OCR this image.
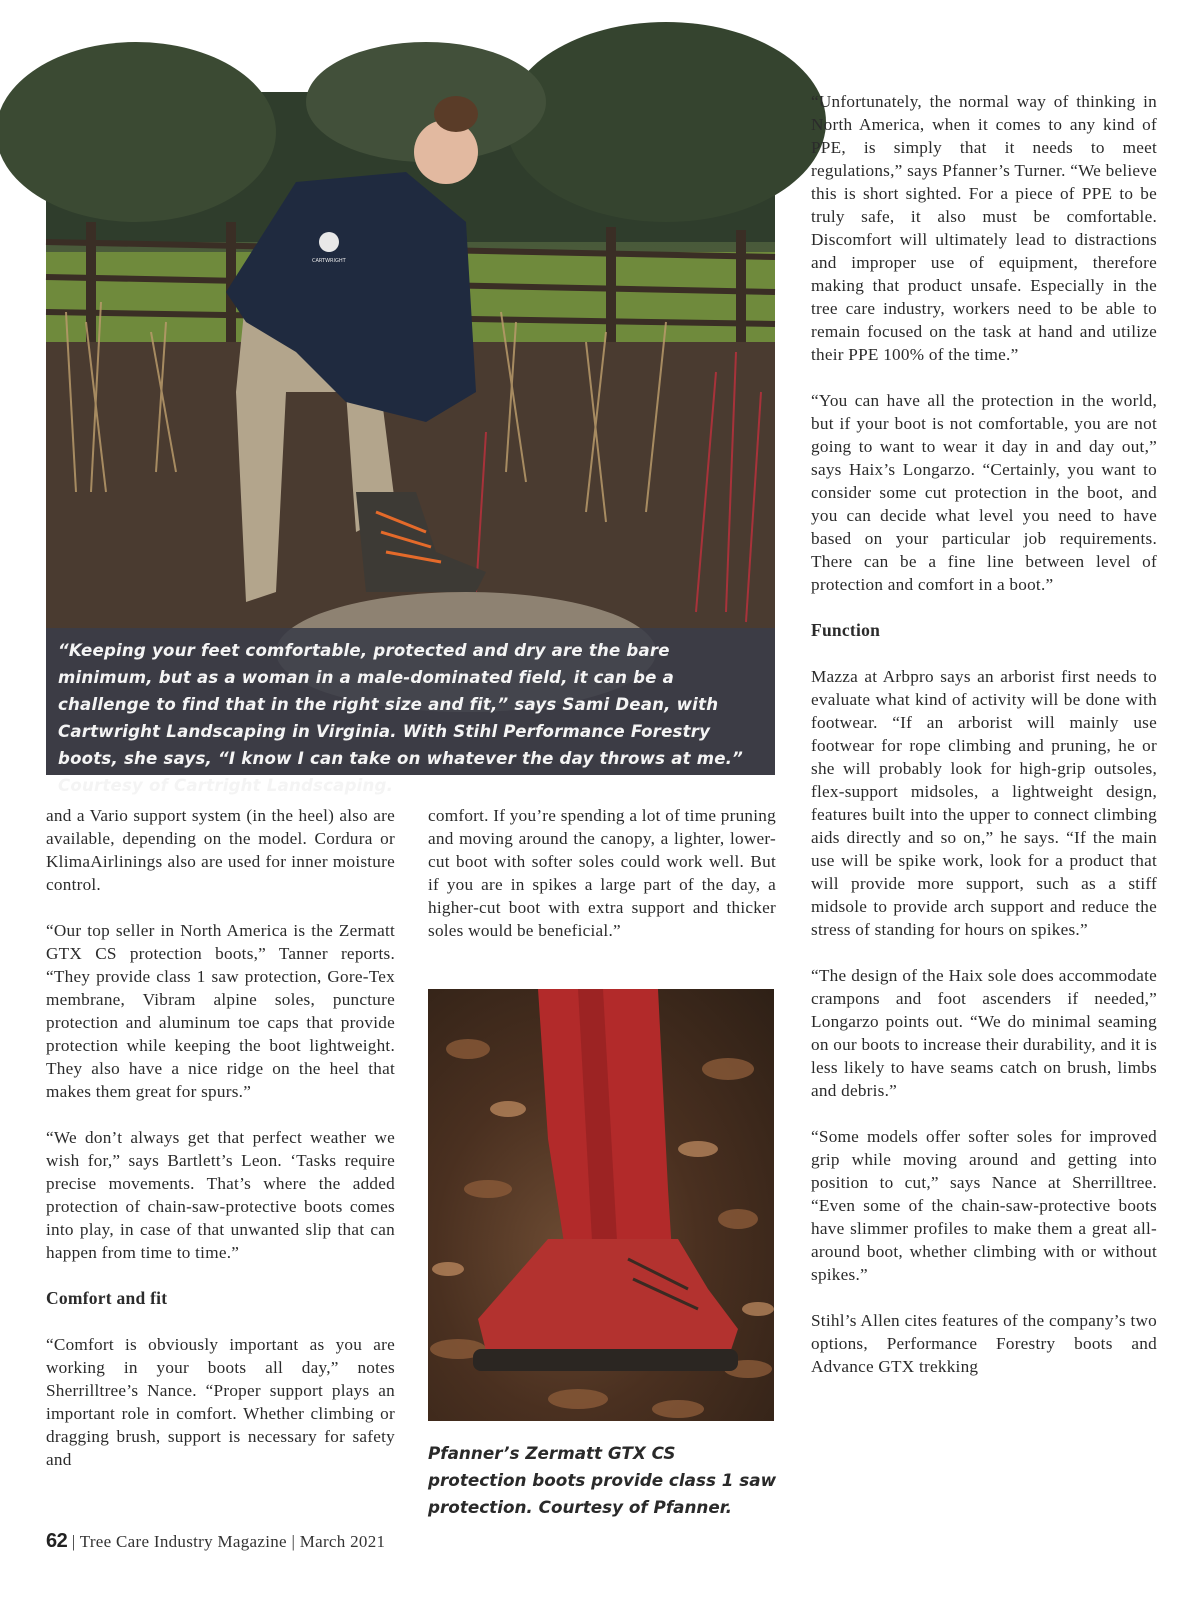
CARTWRIGHT

“Keeping your feet comfortable, protected and dry are the bare minimum, but as a woman in a male-dominated field, it can be a challenge to find that in the right size and fit,” says Sami Dean, with Cartwright Landscaping in Virginia. With Stihl Performance Forestry boots, she says, “I know I can take on whatever the day throws at me.” Courtesy of Cartright Landscaping.

and a Vario support system (in the heel) also are available, depending on the model. Cordura or KlimaAirlinings also are used for inner moisture control.

“Our top seller in North America is the Zermatt GTX CS protection boots,” Tanner reports. “They provide class 1 saw protection, Gore-Tex membrane, Vibram alpine soles, puncture protection and aluminum toe caps that provide protection while keeping the boot lightweight. They also have a nice ridge on the heel that makes them great for spurs.”

“We don’t always get that perfect weather we wish for,” says Bartlett’s Leon. ‘Tasks require precise movements. That’s where the added protection of chain-saw-protective boots comes into play, in case of that unwanted slip that can happen from time to time.”

Comfort and fit

“Comfort is obviously important as you are working in your boots all day,” notes Sherrilltree’s Nance. “Proper support plays an important role in comfort. Whether climbing or dragging brush, support is necessary for safety and

comfort. If you’re spending a lot of time pruning and moving around the canopy, a lighter, lower-cut boot with softer soles could work well. But if you are in spikes a large part of the day, a higher-cut boot with extra support and thicker soles would be beneficial.”

Pfanner’s Zermatt GTX CS protection boots provide class 1 saw protection. Courtesy of Pfanner.

“Unfortunately, the normal way of thinking in North America, when it comes to any kind of PPE, is simply that it needs to meet regulations,” says Pfanner’s Turner. “We believe this is short sighted. For a piece of PPE to be truly safe, it also must be comfortable. Discomfort will ultimately lead to distractions and improper use of equipment, therefore making that product unsafe. Especially in the tree care industry, workers need to be able to remain focused on the task at hand and utilize their PPE 100% of the time.”

“You can have all the protection in the world, but if your boot is not comfortable, you are not going to want to wear it day in and day out,” says Haix’s Longarzo. “Certainly, you want to consider some cut protection in the boot, and you can decide what level you need to have based on your particular job requirements. There can be a fine line between level of protection and comfort in a boot.”

Function

Mazza at Arbpro says an arborist first needs to evaluate what kind of activity will be done with footwear. “If an arborist will mainly use footwear for rope climbing and pruning, he or she will probably look for high-grip outsoles, flex-support midsoles, a lightweight design, features built into the upper to connect climbing aids directly and so on,” he says. “If the main use will be spike work, look for a product that will provide more support, such as a stiff midsole to provide arch support and reduce the stress of standing for hours on spikes.”

“The design of the Haix sole does accommodate crampons and foot ascenders if needed,” Longarzo points out. “We do minimal seaming on our boots to increase their durability, and it is less likely to have seams catch on brush, limbs and debris.”

“Some models offer softer soles for improved grip while moving around and getting into position to cut,” says Nance at Sherrilltree. “Even some of the chain-saw-protective boots have slimmer profiles to make them a great all-around boot, whether climbing with or without spikes.”

Stihl’s Allen cites features of the company’s two options, Performance Forestry boots and Advance GTX trekking

62 | Tree Care Industry Magazine | March 2021
